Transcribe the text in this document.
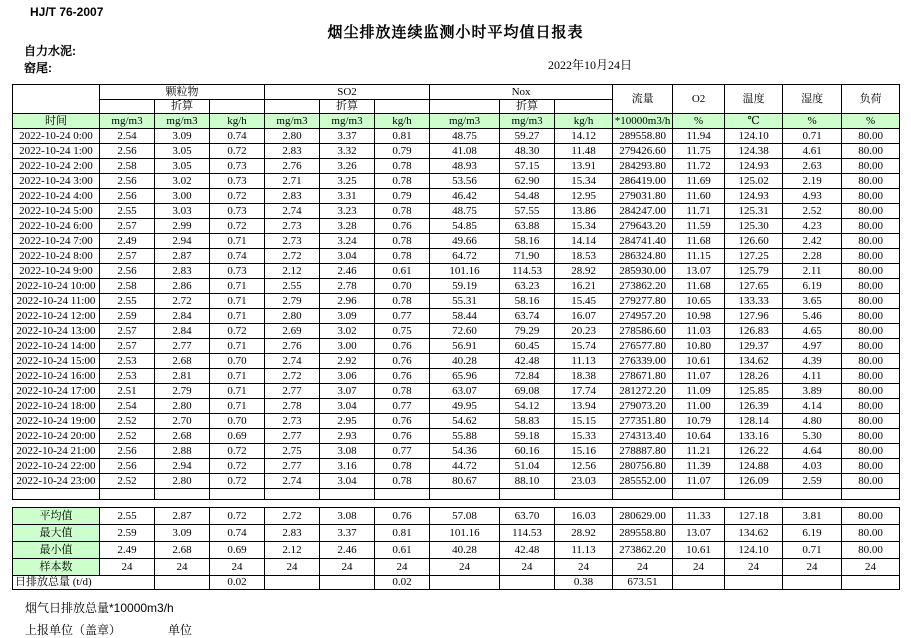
HJ/T 76-2007
烟尘排放连续监测小时平均值日报表
自力水泥:
窑尾:	2022年10月24日
	颗粒物			SO2			Nox			流量	O2	温度	湿度	负荷
		折算			折算			折算						
时间	mg/m3	mg/m3	kg/h	mg/m3	mg/m3	kg/h	mg/m3	mg/m3	kg/h	*10000m3/h	%	℃	%	%
2022-10-24 0:00	2.54	3.09	0.74	2.80	3.37	0.81	48.75	59.27	14.12	289558.80	11.94	124.10	0.71	80.00
2022-10-24 1:00	2.56	3.05	0.72	2.83	3.32	0.79	41.08	48.30	11.48	279426.60	11.75	124.38	4.61	80.00
2022-10-24 2:00	2.58	3.05	0.73	2.76	3.26	0.78	48.93	57.15	13.91	284293.80	11.72	124.93	2.63	80.00
2022-10-24 3:00	2.56	3.02	0.73	2.71	3.25	0.78	53.56	62.90	15.34	286419.00	11.69	125.02	2.19	80.00
2022-10-24 4:00	2.56	3.00	0.72	2.83	3.31	0.79	46.42	54.48	12.95	279031.80	11.60	124.93	4.93	80.00
2022-10-24 5:00	2.55	3.03	0.73	2.74	3.23	0.78	48.75	57.55	13.86	284247.00	11.71	125.31	2.52	80.00
2022-10-24 6:00	2.57	2.99	0.72	2.73	3.28	0.76	54.85	63.88	15.34	279643.20	11.59	125.30	4.23	80.00
2022-10-24 7:00	2.49	2.94	0.71	2.73	3.24	0.78	49.66	58.16	14.14	284741.40	11.68	126.60	2.42	80.00
2022-10-24 8:00	2.57	2.87	0.74	2.72	3.04	0.78	64.72	71.90	18.53	286324.80	11.15	127.25	2.28	80.00
2022-10-24 9:00	2.56	2.83	0.73	2.12	2.46	0.61	101.16	114.53	28.92	285930.00	13.07	125.79	2.11	80.00
2022-10-24 10:00	2.58	2.86	0.71	2.55	2.78	0.70	59.19	63.23	16.21	273862.20	11.68	127.65	6.19	80.00
2022-10-24 11:00	2.55	2.72	0.71	2.79	2.96	0.78	55.31	58.16	15.45	279277.80	10.65	133.33	3.65	80.00
2022-10-24 12:00	2.59	2.84	0.71	2.80	3.09	0.77	58.44	63.74	16.07	274957.20	10.98	127.96	5.46	80.00
2022-10-24 13:00	2.57	2.84	0.72	2.69	3.02	0.75	72.60	79.29	20.23	278586.60	11.03	126.83	4.65	80.00
2022-10-24 14:00	2.57	2.77	0.71	2.76	3.00	0.76	56.91	60.45	15.74	276577.80	10.80	129.37	4.97	80.00
2022-10-24 15:00	2.53	2.68	0.70	2.74	2.92	0.76	40.28	42.48	11.13	276339.00	10.61	134.62	4.39	80.00
2022-10-24 16:00	2.53	2.81	0.71	2.72	3.06	0.76	65.96	72.84	18.38	278671.80	11.07	128.26	4.11	80.00
2022-10-24 17:00	2.51	2.79	0.71	2.77	3.07	0.78	63.07	69.08	17.74	281272.20	11.09	125.85	3.89	80.00
2022-10-24 18:00	2.54	2.80	0.71	2.78	3.04	0.77	49.95	54.12	13.94	279073.20	11.00	126.39	4.14	80.00
2022-10-24 19:00	2.52	2.70	0.70	2.73	2.95	0.76	54.62	58.83	15.15	277351.80	10.79	128.14	4.80	80.00
2022-10-24 20:00	2.52	2.68	0.69	2.77	2.93	0.76	55.88	59.18	15.33	274313.40	10.64	133.16	5.30	80.00
2022-10-24 21:00	2.56	2.88	0.72	2.75	3.08	0.77	54.36	60.16	15.16	278887.80	11.21	126.22	4.64	80.00
2022-10-24 22:00	2.56	2.94	0.72	2.77	3.16	0.78	44.72	51.04	12.56	280756.80	11.39	124.88	4.03	80.00
2022-10-24 23:00	2.52	2.80	0.72	2.74	3.04	0.78	80.67	88.10	23.03	285552.00	11.07	126.09	2.59	80.00

平均值	2.55	2.87	0.72	2.72	3.08	0.76	57.08	63.70	16.03	280629.00	11.33	127.18	3.81	80.00
最大值	2.59	3.09	0.74	2.83	3.37	0.81	101.16	114.53	28.92	289558.80	13.07	134.62	6.19	80.00
最小值	2.49	2.68	0.69	2.12	2.46	0.61	40.28	42.48	11.13	273862.20	10.61	124.10	0.71	80.00
样本数	24	24	24	24	24	24	24	24	24	24	24	24	24	24
日排放总量 (t/d)			0.02			0.02			0.38	673.51				
烟气日排放总量*10000m3/h
上报单位（盖章）	单位
